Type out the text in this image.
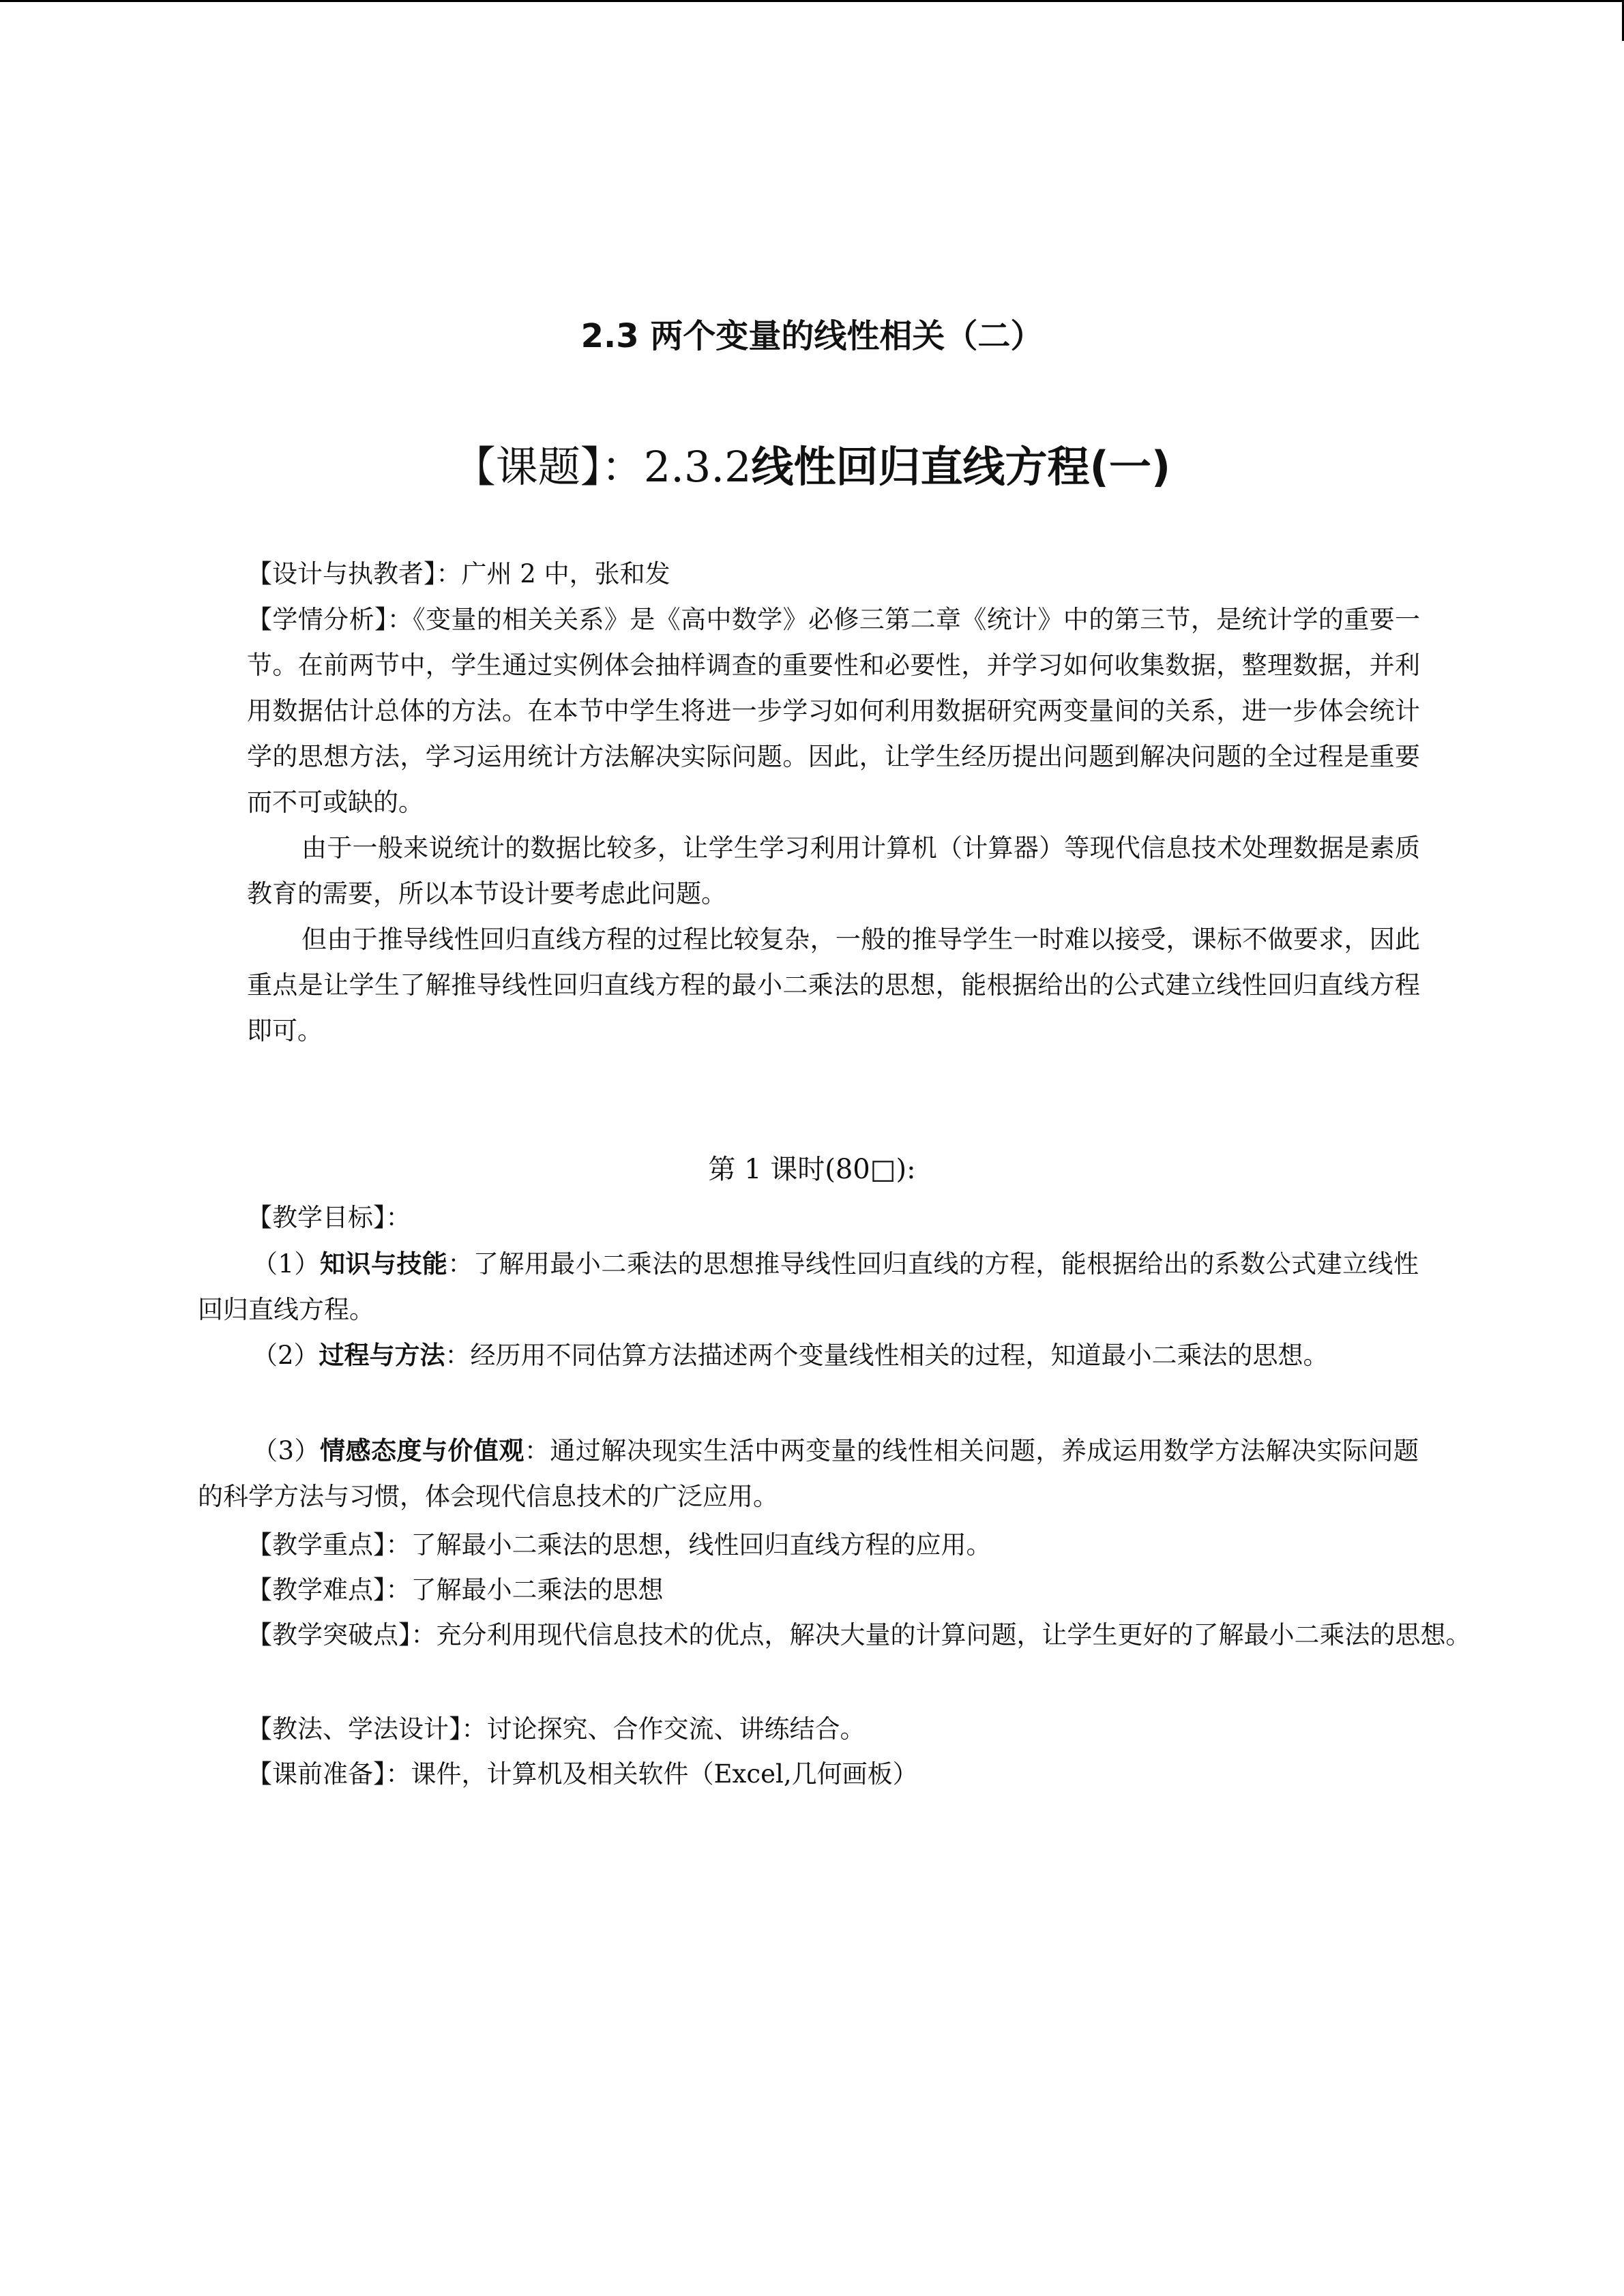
2.3 两个变量的线性相关（二）
【课题】：2.3.2线性回归直线方程(一)
【设计与执教者】：广州 2 中，张和发
【学情分析】：《变量的相关关系》是《高中数学》必修三第二章《统计》中的第三节，是统计学的重要一节。在前两节中，学生通过实例体会抽样调查的重要性和必要性，并学习如何收集数据，整理数据，并利用数据估计总体的方法。在本节中学生将进一步学习如何利用数据研究两变量间的关系，进一步体会统计学的思想方法，学习运用统计方法解决实际问题。因此，让学生经历提出问题到解决问题的全过程是重要而不可或缺的。
由于一般来说统计的数据比较多，让学生学习利用计算机（计算器）等现代信息技术处理数据是素质教育的需要，所以本节设计要考虑此问题。
但由于推导线性回归直线方程的过程比较复杂，一般的推导学生一时难以接受，课标不做要求，因此重点是让学生了解推导线性回归直线方程的最小二乘法的思想，能根据给出的公式建立线性回归直线方程即可。
第 1 课时(80□):
【教学目标】：
（1）知识与技能：了解用最小二乘法的思想推导线性回归直线的方程，能根据给出的系数公式建立线性回归直线方程。
（2）过程与方法：经历用不同估算方法描述两个变量线性相关的过程，知道最小二乘法的思想。
（3）情感态度与价值观：通过解决现实生活中两变量的线性相关问题，养成运用数学方法解决实际问题的科学方法与习惯，体会现代信息技术的广泛应用。
【教学重点】：了解最小二乘法的思想，线性回归直线方程的应用。
【教学难点】：了解最小二乘法的思想
【教学突破点】：充分利用现代信息技术的优点，解决大量的计算问题，让学生更好的了解最小二乘法的思想。
【教法、学法设计】：讨论探究、合作交流、讲练结合。
【课前准备】：课件，计算机及相关软件（Excel,几何画板）
